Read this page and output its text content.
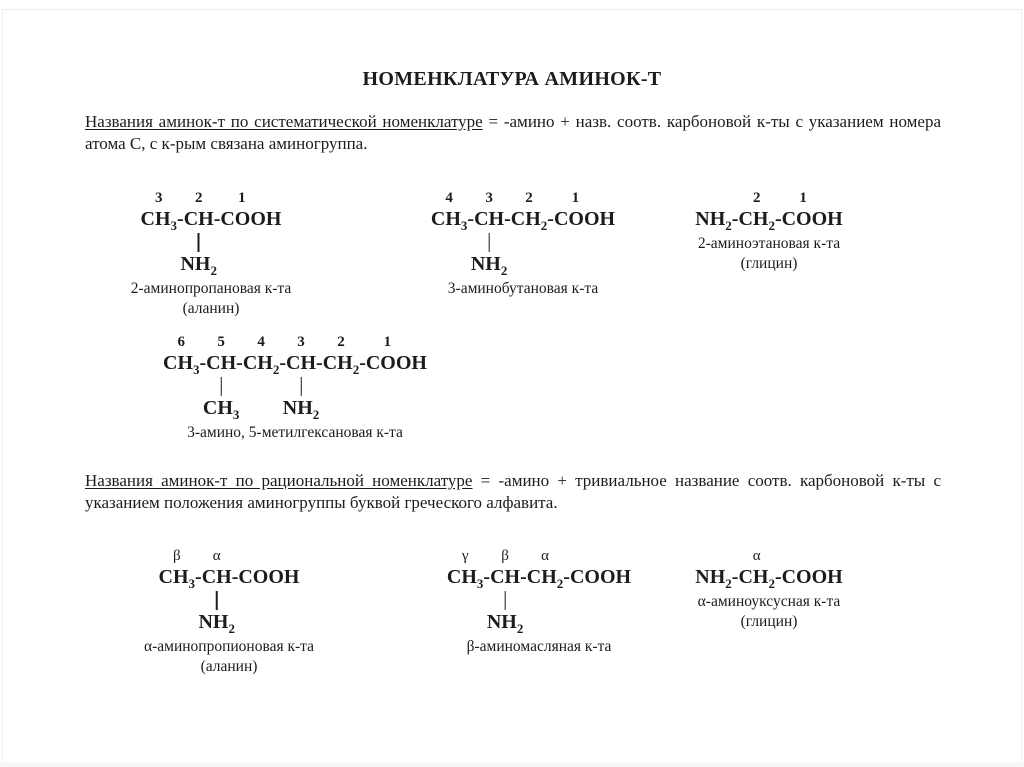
НОМЕНКЛАТУРА АМИНОК-Т

Названия аминок-т по систематической номенклатуре = -амино + назв. соотв. карбоновой к-ты с указанием номера атома С, с к-рым связана аминогруппа.

3
$CH_3$
-
2
CH
$NH_2$

-
1
COOH
2-аминопропановая к-та
(аланин)
4
$CH_3$
-
3
CH
$NH_2$

-
2
$CH_2$
-
1
COOH
3-аминобутановая к-та

$NH_2$
-
2
$CH_2$
-
1
COOH
2-аминоэтановая к-та
(глицин)
6
$CH_3$
-
5
CH
$CH_3$

-
4
$CH_2$
-
3
CH
$NH_2$

-
2
$CH_2$
-
1
COOH
3-амино, 5-метилгексановая к-та

Названия аминок-т по рациональной номенклатуре = -амино + тривиальное название соотв. карбоновой к-ты с указанием положения аминогруппы буквой греческого алфавита.

β
$CH_3$
-
α
CH
$NH_2$

-
COOH
α-аминопропионовая к-та
(аланин)
γ
$CH_3$
-
β
CH
$NH_2$

-
α
$CH_2$
-
COOH
β-аминомасляная к-та

$NH_2$
-
α
$CH_2$
-
COOH
α-аминоуксусная к-та
(глицин)
